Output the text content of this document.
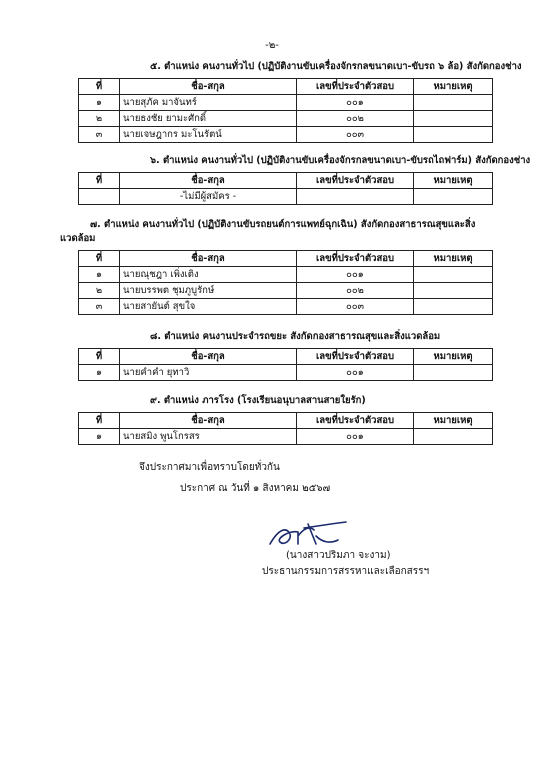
-๒-
๕. ตำแหน่ง คนงานทั่วไป (ปฏิบัติงานขับเครื่องจักรกลขนาดเบา-ขับรถ ๖ ล้อ) สังกัดกองช่าง
ที่	ชื่อ-สกุล	เลขที่ประจำตัวสอบ	หมายเหตุ
๑	นายสุภัค มาจันทร์	๐๐๑	
๒	นายธงชัย ยามะศักดิ์	๐๐๒	
๓	นายเจษฎากร มะโนรัตน์	๐๐๓	
๖. ตำแหน่ง คนงานทั่วไป (ปฏิบัติงานขับเครื่องจักรกลขนาดเบา-ขับรถไถฟาร์ม) สังกัดกองช่าง
ที่	ชื่อ-สกุล	เลขที่ประจำตัวสอบ	หมายเหตุ
	-ไม่มีผู้สมัคร -		
๗. ตำแหน่ง คนงานทั่วไป (ปฏิบัติงานขับรถยนต์การแพทย์ฉุกเฉิน) สังกัดกองสาธารณสุขและสิ่งแวดล้อม
ที่	ชื่อ-สกุล	เลขที่ประจำตัวสอบ	หมายเหตุ
๑	นายณุชฎา เพิ่งเติง	๐๐๑	
๒	นายบรรพต ชุมภูบูรักษ์	๐๐๒	
๓	นายสายันต์ สุขใจ	๐๐๓	
๘. ตำแหน่ง คนงานประจำรถขยะ สังกัดกองสาธารณสุขและสิ่งแวดล้อม
ที่	ชื่อ-สกุล	เลขที่ประจำตัวสอบ	หมายเหตุ
๑	นายคำคำ ยุทาวิ	๐๐๑	
๙. ตำแหน่ง ภารโรง (โรงเรียนอนุบาลสานสายใยรัก)
ที่	ชื่อ-สกุล	เลขที่ประจำตัวสอบ	หมายเหตุ
๑	นายสมิง พูนโกรสร	๐๐๑	
จึงประกาศมาเพื่อทราบโดยทั่วกัน
ประกาศ ณ วันที่ ๑ สิงหาคม ๒๕๖๗
(นางสาวปริมภา จะงาม)
ประธานกรรมการสรรหาและเลือกสรรฯ
